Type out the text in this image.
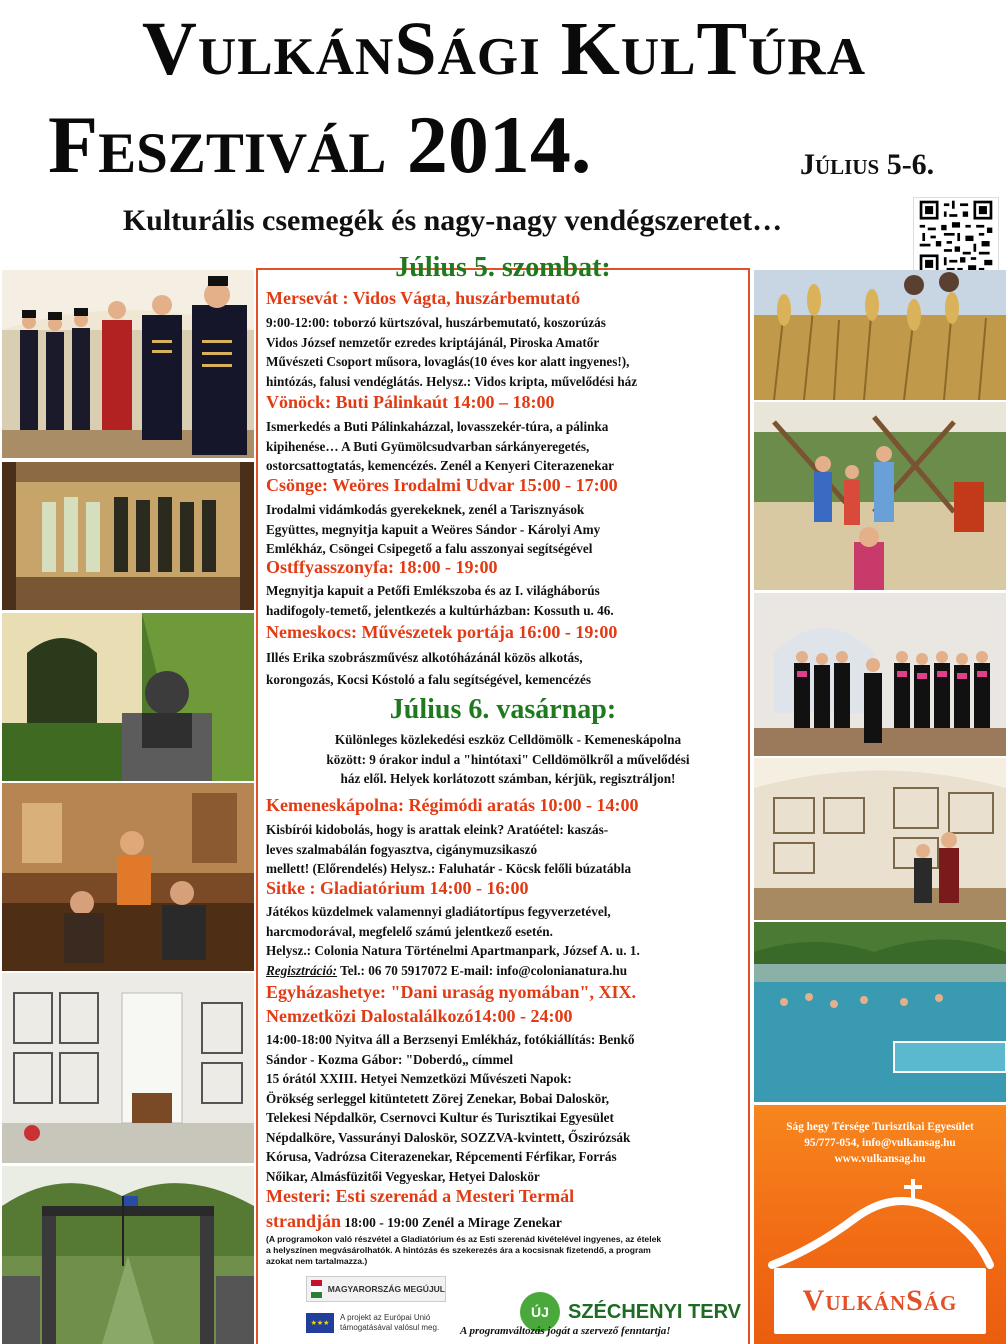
VulkánSági KulTúra
Fesztivál 2014.	Július 5-6.
Kulturális csemegék és nagy-nagy vendégszeretet…
Július 5. szombat:
Mersevát : Vidos Vágta, huszárbemutató
9:00-12:00: toborzó kürtszóval, huszárbemutató, koszorúzás
Vidos József nemzetőr ezredes kriptájánál, Piroska Amatőr
Művészeti Csoport műsora, lovaglás(10 éves kor alatt ingyenes!),
hintózás, falusi vendéglátás. Helysz.: Vidos kripta, művelődési ház
Vönöck: Buti Pálinkaút 14:00 – 18:00
Ismerkedés a Buti Pálinkaházzal, lovasszekér-túra, a pálinka
kipihenése… A Buti Gyümölcsudvarban sárkányeregetés,
ostorcsattogtatás, kemencézés. Zenél a Kenyeri Citerazenekar
Csönge: Weöres Irodalmi Udvar 15:00 - 17:00
Irodalmi vidámkodás gyerekeknek, zenél a Tarisznyások
Együttes, megnyitja kapuit a Weöres Sándor - Károlyi Amy
Emlékház, Csöngei Csipegető a falu asszonyai segítségével
Ostffyasszonyfa: 18:00 - 19:00
Megnyitja kapuit a Petőfi Emlékszoba és az I. világháborús
hadifogoly-temető, jelentkezés a kultúrházban: Kossuth u. 46.
Nemeskocs: Művészetek portája 16:00 - 19:00
Illés Erika szobrászművész alkotóházánál közös alkotás,
korongozás, Kocsi Kóstoló a falu segítségével, kemencézés
Július 6. vasárnap:
Különleges közlekedési eszköz Celldömölk - Kemeneskápolna
között: 9 órakor indul a "hintótaxi" Celldömölkről a művelődési
ház elől. Helyek korlátozott számban, kérjük, regisztráljon!
Kemeneskápolna: Régimódi aratás 10:00 - 14:00
Kisbírói kidobolás, hogy is arattak eleink? Aratóétel: kaszás-
leves szalmabálán fogyasztva, cigánymuzsikaszó
mellett! (Előrendelés) Helysz.: Faluhatár - Köcsk felőli búzatábla
Sitke : Gladiatórium 14:00 - 16:00
Játékos küzdelmek valamennyi gladiátortípus fegyverzetével,
harcmodorával, megfelelő számú jelentkező esetén.
Helysz.: Colonia Natura Történelmi Apartmanpark, József A. u. 1.
Regisztráció: Tel.: 06 70 5917072 E-mail: info@colonianatura.hu
Egyházashetye: "Dani uraság nyomában", XIX.
Nemzetközi Dalostalálkozó14:00 - 24:00
14:00-18:00 Nyitva áll a Berzsenyi Emlékház, fotókiállítás: Benkő
Sándor - Kozma Gábor: "Doberdó„ címmel
15 órától XXIII. Hetyei Nemzetközi Művészeti Napok:
Örökség serleggel kitüntetett Zörej Zenekar, Bobai Daloskör,
Telekesi Népdalkör, Csernovci Kultur és Turisztikai Egyesület
Népdalköre, Vassurányi Daloskör, SOZZVA-kvintett, Őszirózsák
Kórusa, Vadrózsa Citerazenekar, Répcementi Férfikar, Forrás
Nőikar, Almásfüzitői Vegyeskar, Hetyei Daloskör
Mesteri: Esti szerenád a Mesteri Termál
strandján 18:00 - 19:00 Zenél a Mirage Zenekar
(A programokon való részvétel a Gladiatórium és az Esti szerenád kivételével ingyenes, az ételek
a helyszínen megvásárolhatók. A hintózás és szekerezés ára a kocsisnak fizetendő, a program
azokat nem tartalmazza.)
MAGYARORSZÁG MEGÚJUL
★★★
A projekt az Európai Unió
támogatásával valósul meg.
ÚJ SZÉCHENYI TERV
A programváltozás jogát a szervező fenntartja!
Ság hegy Térsége Turisztikai Egyesület
95/777-054, info@vulkansag.hu
www.vulkansag.hu
VulkánSág
